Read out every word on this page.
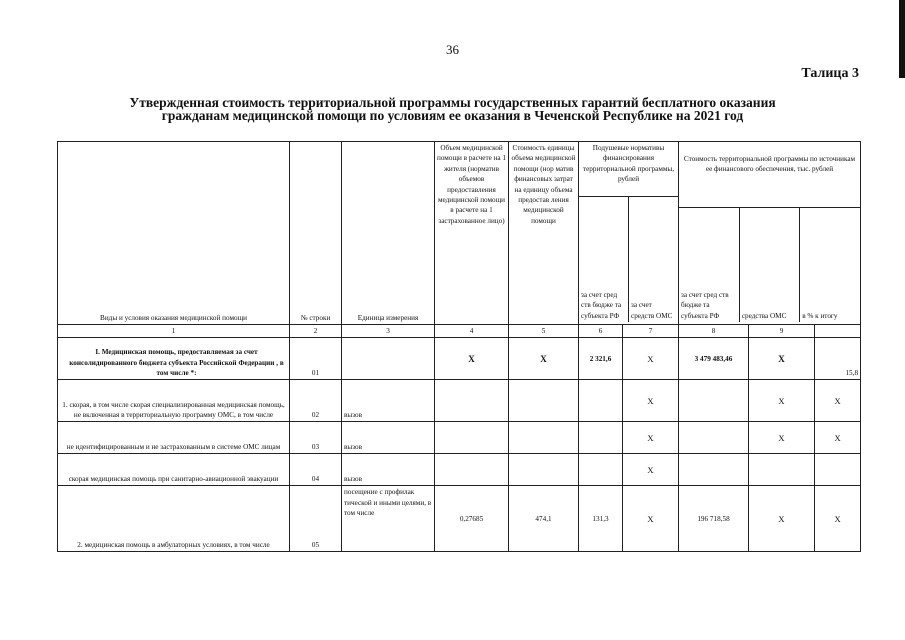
36
Талица 3
Утвержденная стоимость территориальной программы государственных гарантий бесплатного оказания
гражданам медицинской помощи по условиям ее оказания в Чеченской Республике на 2021 год
Виды и условия оказания медицинской помощи	№ строки	Единица измерения	Объем медицинской помощи в расчете на 1 жителя (норматив объемов предоставления медицинской помощи в расчете на 1 застрахованное лицо)	Стоимость единицы объема медицинской помощи (нор матив финансовых затрат на единицу объема предостав ления медицинской помощи	
Подушевые нормативы финансирования территориальной программы, рублей
за счет сред ств бюдже та субъекта РФ	за счет средств ОМС

Стоимость территориальной программы по источникам ее финансового обеспечения, тыс. рублей
за счет сред ств бюдже та субъекта РФ	средства ОМС	в % к итогу

1	2	3	4	5	6	7	8	9	
I. Медицинская помощь, предоставляемая за счет консолидированного бюджета субъекта Российской Федерации , в том числе *:	01		X	X	2 321,6	X	3 479 483,46	X	15,8
1. скорая, в том числе скорая специализированная медицинская помощь, не включенная в территориальную программу ОМС, в том числе	02	вызов				X		X	X
не идентифицированным и не застрахованным в системе ОМС лицам	03	вызов				X		X	X
скорая медицинская помощь при санитарно-авиационной эвакуации	04	вызов				X			
2. медицинская помощь в амбулаторных условиях, в том числе	05	посещение с профилак тической и иными целями, в том числе	0,27685	474,1	131,3	X	196 718,58	X	X
